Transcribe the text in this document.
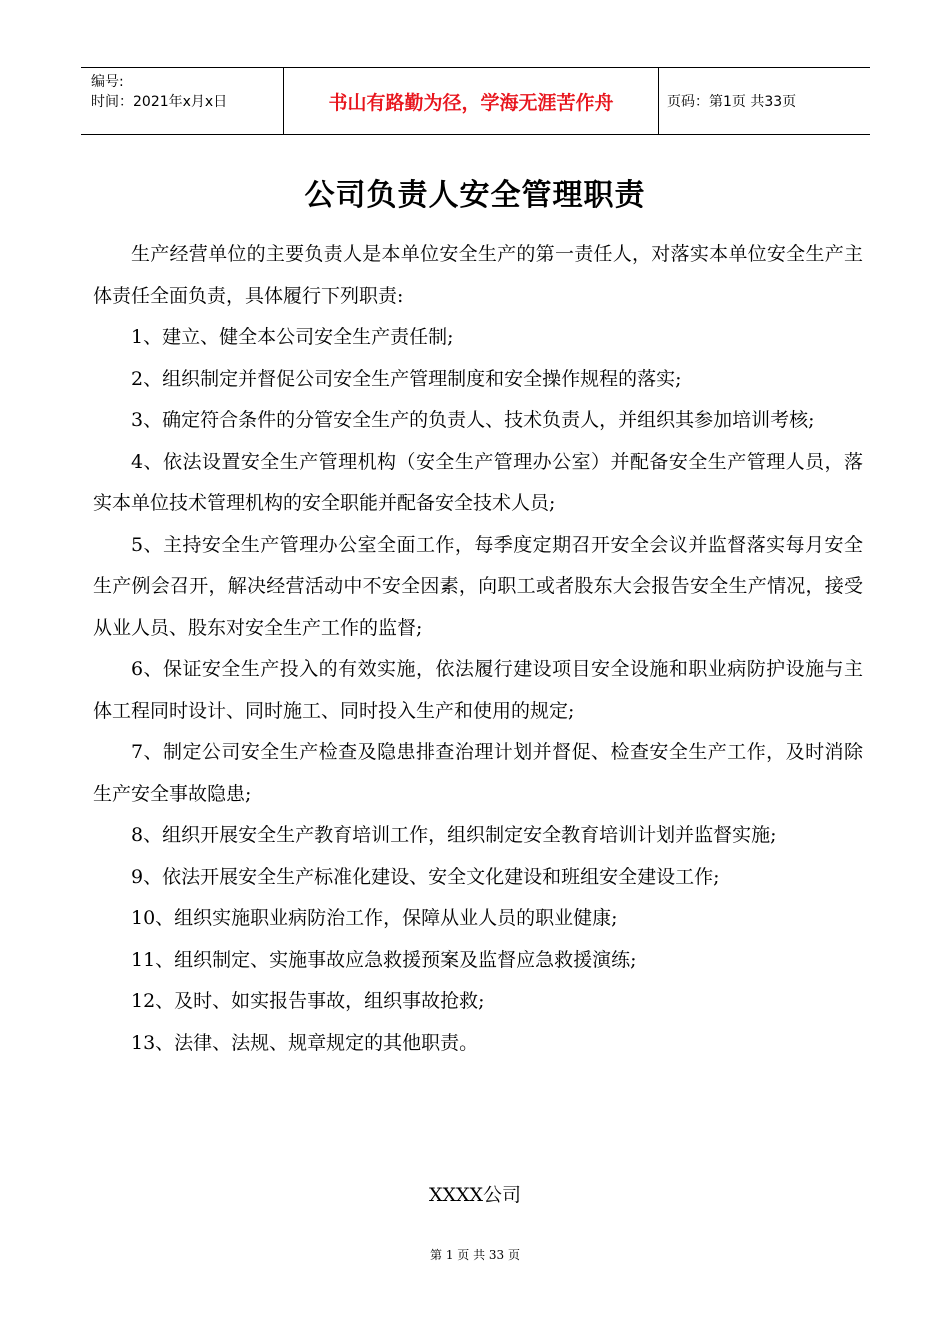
编号:
时间：2021年x月x日	书山有路勤为径，学海无涯苦作舟	页码：第1页 共33页
公司负责人安全管理职责

生产经营单位的主要负责人是本单位安全生产的第一责任人，对落实本单位安全生产主体责任全面负责，具体履行下列职责:

1、建立、健全本公司安全生产责任制;

2、组织制定并督促公司安全生产管理制度和安全操作规程的落实;

3、确定符合条件的分管安全生产的负责人、技术负责人，并组织其参加培训考核;

4、依法设置安全生产管理机构（安全生产管理办公室）并配备安全生产管理人员，落实本单位技术管理机构的安全职能并配备安全技术人员;

5、主持安全生产管理办公室全面工作，每季度定期召开安全会议并监督落实每月安全生产例会召开，解决经营活动中不安全因素，向职工或者股东大会报告安全生产情况，接受从业人员、股东对安全生产工作的监督;

6、保证安全生产投入的有效实施，依法履行建设项目安全设施和职业病防护设施与主体工程同时设计、同时施工、同时投入生产和使用的规定;

7、制定公司安全生产检查及隐患排查治理计划并督促、检查安全生产工作，及时消除生产安全事故隐患;

8、组织开展安全生产教育培训工作，组织制定安全教育培训计划并监督实施;

9、依法开展安全生产标准化建设、安全文化建设和班组安全建设工作;

10、组织实施职业病防治工作，保障从业人员的职业健康;

11、组织制定、实施事故应急救援预案及监督应急救援演练;

12、及时、如实报告事故，组织事故抢救;

13、法律、法规、规章规定的其他职责。

XXXX公司
第 1 页 共 33 页
